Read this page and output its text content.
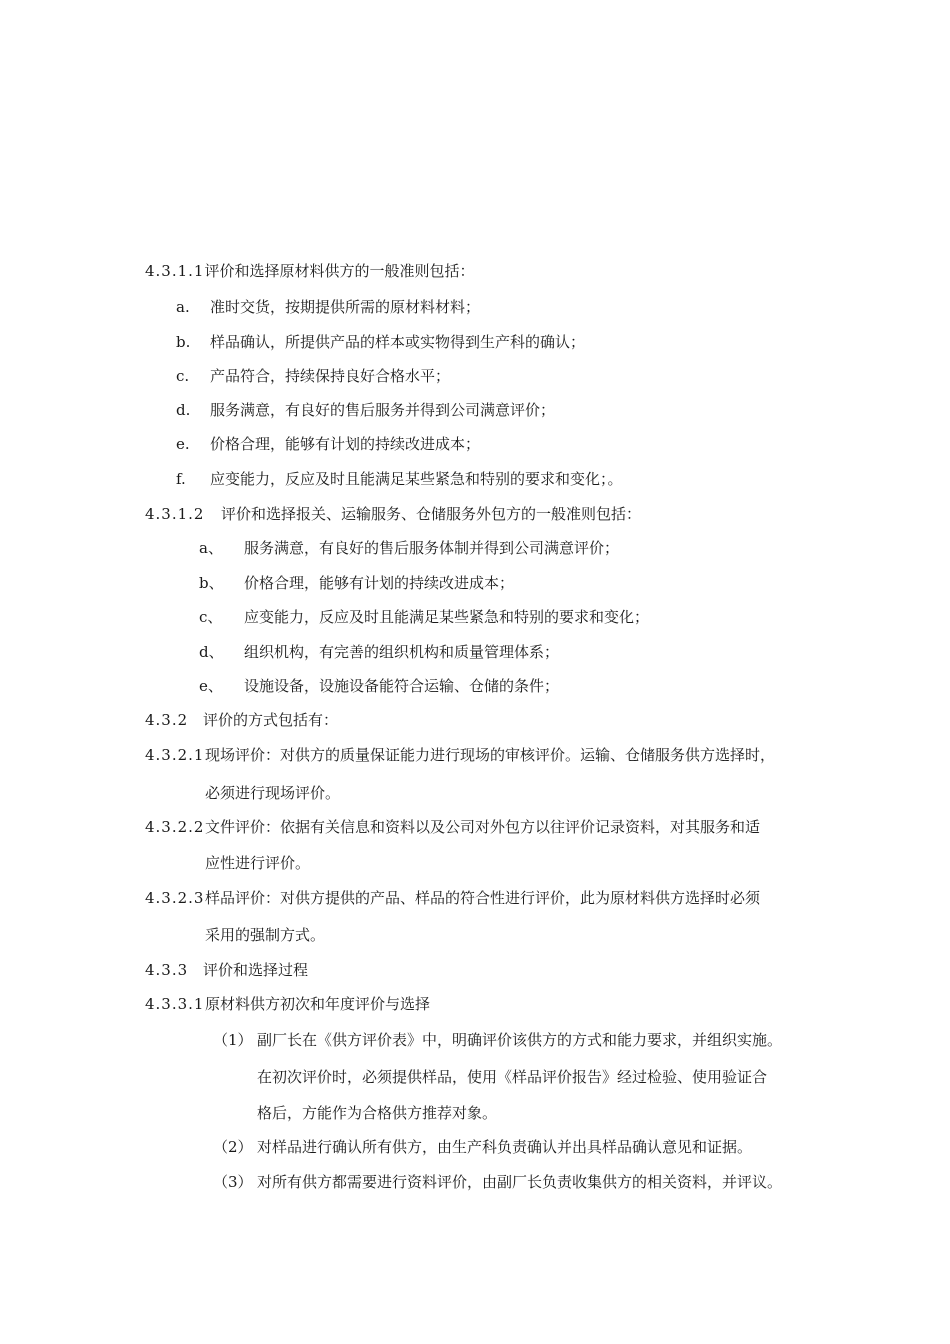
4.3.1.1评价和选择原材料供方的一般准则包括：
a. 准时交货，按期提供所需的原材料材料；
b. 样品确认，所提供产品的样本或实物得到生产科的确认；
c. 产品符合，持续保持良好合格水平；
d. 服务满意，有良好的售后服务并得到公司满意评价；
e. 价格合理，能够有计划的持续改进成本；
f. 应变能力，反应及时且能满足某些紧急和特别的要求和变化；。
4.3.1.2 评价和选择报关、运输服务、仓储服务外包方的一般准则包括：
a、 服务满意，有良好的售后服务体制并得到公司满意评价；
b、 价格合理，能够有计划的持续改进成本；
c、 应变能力，反应及时且能满足某些紧急和特别的要求和变化；
d、 组织机构，有完善的组织机构和质量管理体系；
e、 设施设备，设施设备能符合运输、仓储的条件；
4.3.2 评价的方式包括有：
4.3.2.1现场评价：对供方的质量保证能力进行现场的审核评价。运输、仓储服务供方选择时，
必须进行现场评价。
4.3.2.2文件评价：依据有关信息和资料以及公司对外包方以往评价记录资料，对其服务和适
应性进行评价。
4.3.2.3样品评价：对供方提供的产品、样品的符合性进行评价，此为原材料供方选择时必须
采用的强制方式。
4.3.3 评价和选择过程
4.3.3.1原材料供方初次和年度评价与选择
（1） 副厂长在《供方评价表》中，明确评价该供方的方式和能力要求，并组织实施。
在初次评价时，必须提供样品，使用《样品评价报告》经过检验、使用验证合
格后，方能作为合格供方推荐对象。
（2） 对样品进行确认所有供方，由生产科负责确认并出具样品确认意见和证据。
（3） 对所有供方都需要进行资料评价，由副厂长负责收集供方的相关资料，并评议。
